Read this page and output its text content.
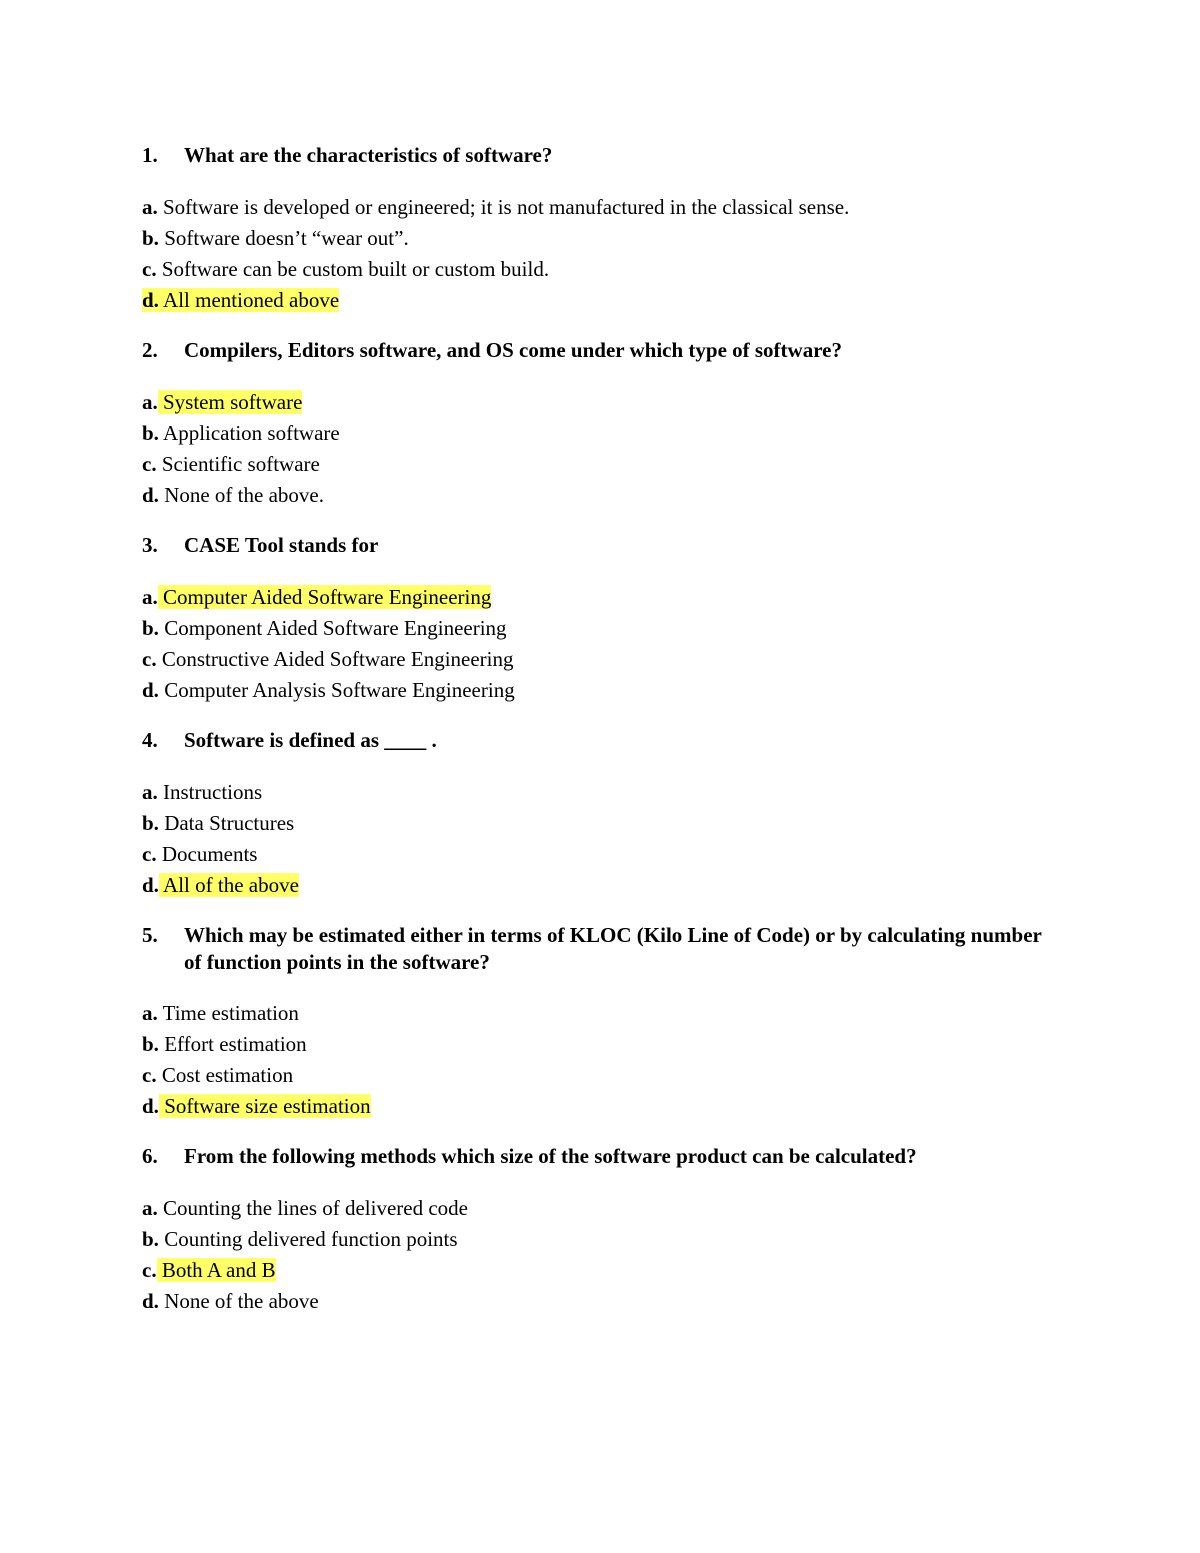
1. What are the characteristics of software?
a. Software is developed or engineered; it is not manufactured in the classical sense.
b. Software doesn’t “wear out”.
c. Software can be custom built or custom build.
d. All mentioned above
2. Compilers, Editors software, and OS come under which type of software?
a. System software
b. Application software
c. Scientific software
d. None of the above.
3. CASE Tool stands for
a. Computer Aided Software Engineering
b. Component Aided Software Engineering
c. Constructive Aided Software Engineering
d. Computer Analysis Software Engineering
4. Software is defined as ____ .
a. Instructions
b. Data Structures
c. Documents
d. All of the above
5. Which may be estimated either in terms of KLOC (Kilo Line of Code) or by calculating number of function points in the software?
a. Time estimation
b. Effort estimation
c. Cost estimation
d. Software size estimation
6. From the following methods which size of the software product can be calculated?
a. Counting the lines of delivered code
b. Counting delivered function points
c. Both A and B
d. None of the above
